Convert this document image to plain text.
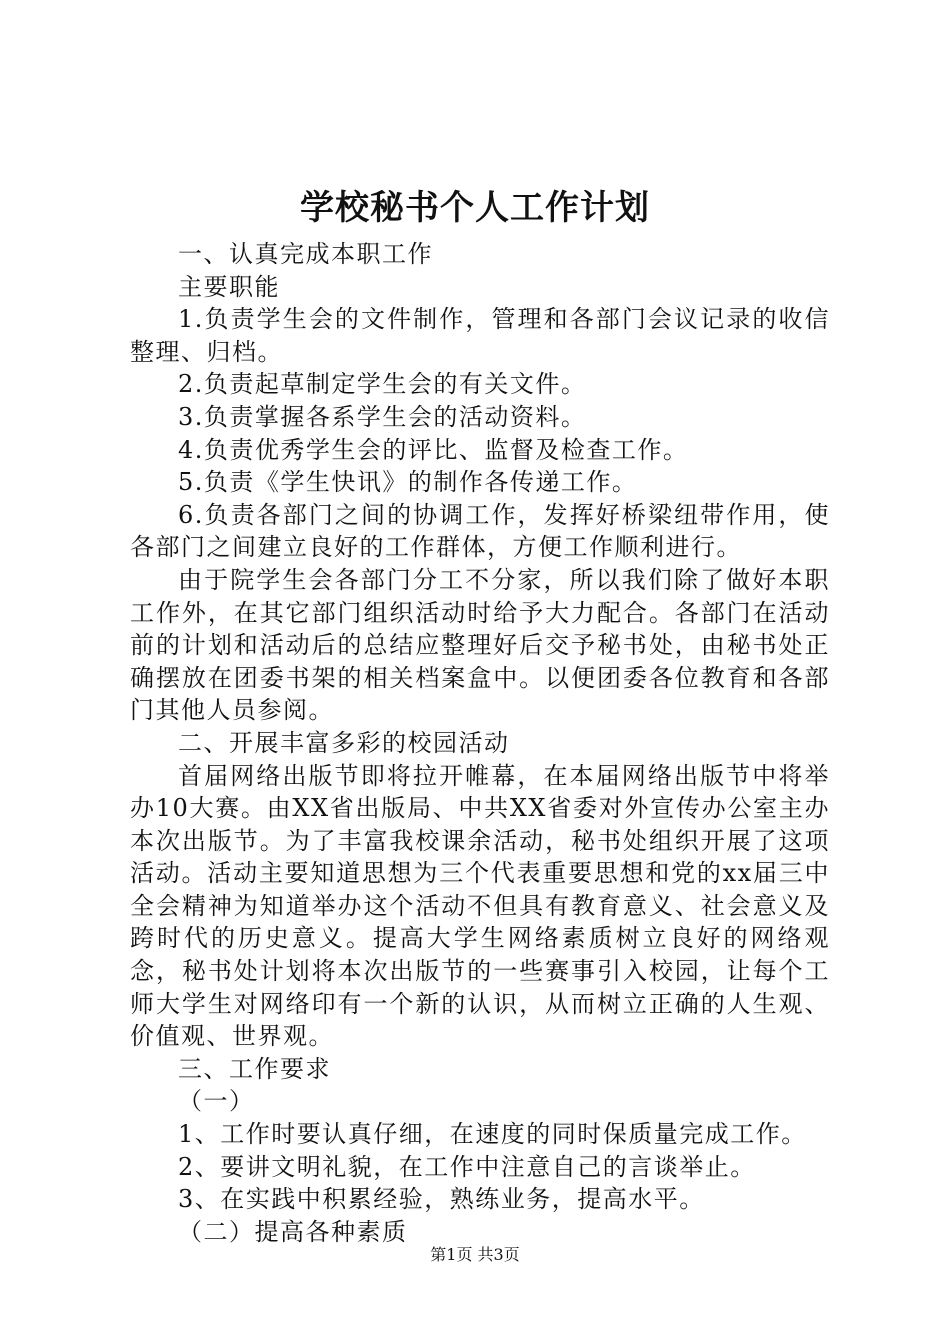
学校秘书个人工作计划

一、认真完成本职工作

主要职能

1.负责学生会的文件制作，管理和各部门会议记录的收信整理、归档。

2.负责起草制定学生会的有关文件。

3.负责掌握各系学生会的活动资料。

4.负责优秀学生会的评比、监督及检查工作。

5.负责《学生快讯》的制作各传递工作。

6.负责各部门之间的协调工作，发挥好桥梁纽带作用，使各部门之间建立良好的工作群体，方便工作顺利进行。

由于院学生会各部门分工不分家，所以我们除了做好本职工作外，在其它部门组织活动时给予大力配合。各部门在活动前的计划和活动后的总结应整理好后交予秘书处，由秘书处正确摆放在团委书架的相关档案盒中。以便团委各位教育和各部门其他人员参阅。

二、开展丰富多彩的校园活动

首届网络出版节即将拉开帷幕，在本届网络出版节中将举办10大赛。由XX省出版局、中共XX省委对外宣传办公室主办本次出版节。为了丰富我校课余活动，秘书处组织开展了这项活动。活动主要知道思想为三个代表重要思想和党的xx届三中全会精神为知道举办这个活动不但具有教育意义、社会意义及跨时代的历史意义。提高大学生网络素质树立良好的网络观念，秘书处计划将本次出版节的一些赛事引入校园，让每个工师大学生对网络印有一个新的认识，从而树立正确的人生观、价值观、世界观。

三、工作要求

（一）

1、工作时要认真仔细，在速度的同时保质量完成工作。

2、要讲文明礼貌，在工作中注意自己的言谈举止。

3、在实践中积累经验，熟练业务，提高水平。

（二）提高各种素质

第1页 共3页
